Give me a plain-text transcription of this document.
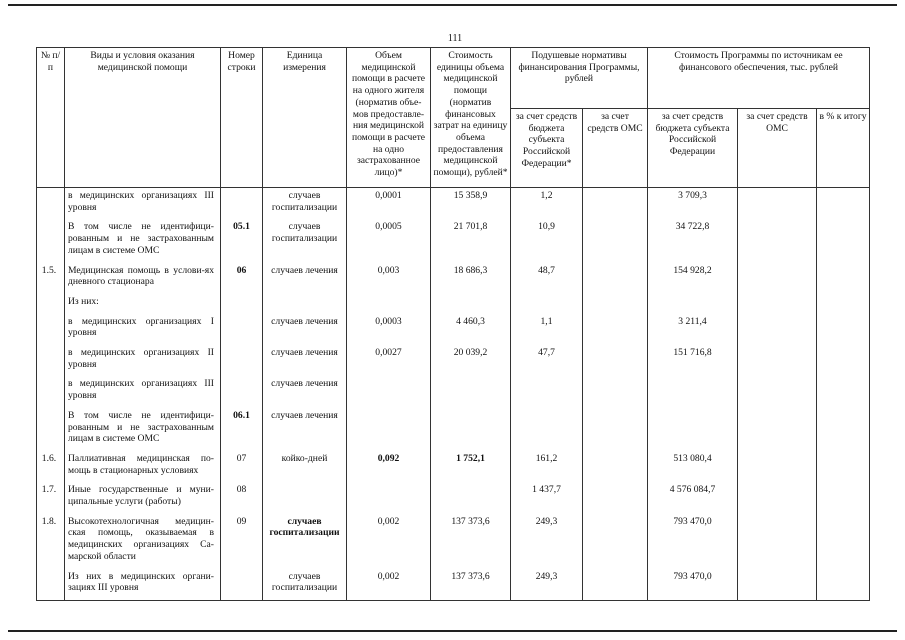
111
№ п/п	Виды и условия оказания медицинской помощи	Номер строки	Единица измерения	Объем медицинской помощи в расчете на одного жителя (норматив объе-мов предоставле-ния медицинской помощи в расчете на одно застрахованное лицо)*	Стоимость единицы объема медицинской помощи (норматив финансовых затрат на единицу объема предоставления медицинской помощи), рублей*	Подушевые нормативы финансирования Программы, рублей		Стоимость Программы по источникам ее финансового обеспечения, тыс. рублей		
						за счет средств бюджета субъекта Российской Федерации*	за счет средств ОМС	за счет средств бюджета субъекта Российской Федерации	за счет средств ОМС	в % к итогу
	в медицинских организациях III уровня		случаев госпитализации	0,0001	15 358,9	1,2		3 709,3		
	В том числе не идентифици-рованным и не застрахованным лицам в системе ОМС	05.1	случаев госпитализации	0,0005	21 701,8	10,9		34 722,8		
1.5.	Медицинская помощь в услови-ях дневного стационара	06	случаев лечения	0,003	18 686,3	48,7		154 928,2		
	Из них:									
	в медицинских организациях I уровня		случаев лечения	0,0003	4 460,3	1,1		3 211,4		
	в медицинских организациях II уровня		случаев лечения	0,0027	20 039,2	47,7		151 716,8		
	в медицинских организациях III уровня		случаев лечения							
	В том числе не идентифици-рованным и не застрахованным лицам в системе ОМС	06.1	случаев лечения							
1.6.	Паллиативная медицинская по-мощь в стационарных условиях	07	койко-дней	0,092	1 752,1	161,2		513 080,4		
1.7.	Иные государственные и муни-ципальные услуги (работы)	08				1 437,7		4 576 084,7		
1.8.	Высокотехнологичная медицин-ская помощь, оказываемая в медицинских организациях Са-марской области	09	случаев госпитализации	0,002	137 373,6	249,3		793 470,0		
	Из них в медицинских органи-зациях III уровня		случаев госпитализации	0,002	137 373,6	249,3		793 470,0		
